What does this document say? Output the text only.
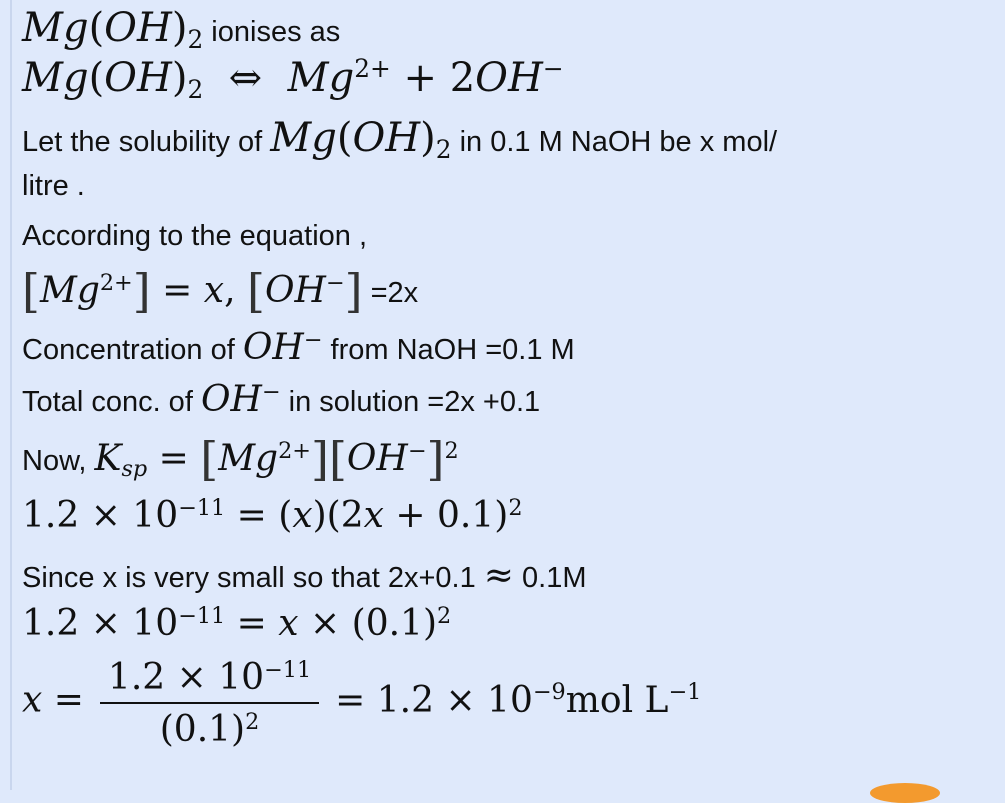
$Mg(OH)_2$ ionises as
$Mg(OH)_2$  ⇔  $Mg^{2+} + 2OH^-$
Let the solubility of $Mg(OH)_2$ in 0.1 M NaOH be x mol/
litre .
According to the equation ,
$[Mg^{2+}] = x$, [OH−] =2x
Concentration of OH− from NaOH =0.1 M
Total conc. of OH− in solution =2x +0.1
Now, $K_{sp} = [Mg^{2+}][OH^-]^2$
$1.2 \times 10^{-11} = (x)(2x + 0.1)^2$
Since x is very small so that 2x+0.1 ≈ 0.1M
$1.2 \times 10^{-11} = x \times (0.1)^2$
$x = \frac{1.2 \times 10^{-11}}{(0.1)^2} = 1.2 \times 10^{-9}mol$ $L^{-1}$
